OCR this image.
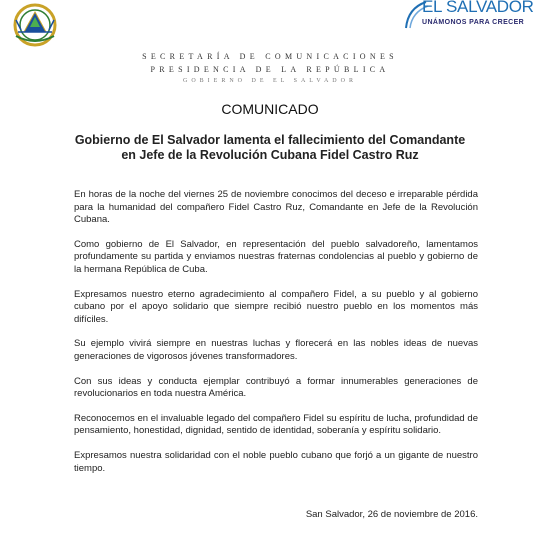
EL SALVADOR
UNÁMONOS PARA CRECER
SECRETARÍA DE COMUNICACIONES
PRESIDENCIA DE LA REPÚBLICA
GOBIERNO DE EL SALVADOR
COMUNICADO
Gobierno de El Salvador lamenta el fallecimiento del Comandante
en Jefe de la Revolución Cubana Fidel Castro Ruz

En horas de la noche del viernes 25 de noviembre conocimos del deceso e irreparable pérdida para la humanidad del compañero Fidel Castro Ruz, Comandante en Jefe de la Revolución Cubana.

Como gobierno de El Salvador, en representación del pueblo salvadoreño, lamentamos profundamente su partida y enviamos nuestras fraternas condolencias al pueblo y gobierno de la hermana República de Cuba.

Expresamos nuestro eterno agradecimiento al compañero Fidel, a su pueblo y al gobierno cubano por el apoyo solidario que siempre recibió nuestro pueblo en los momentos más difíciles.

Su ejemplo vivirá siempre en nuestras luchas y florecerá en las nobles ideas de nuevas generaciones de vigorosos jóvenes transformadores.

Con sus ideas y conducta ejemplar contribuyó a formar innumerables generaciones de revolucionarios en toda nuestra América.

Reconocemos en el invaluable legado del compañero Fidel su espíritu de lucha, profundidad de pensamiento, honestidad, dignidad, sentido de identidad, soberanía y espíritu solidario.

Expresamos nuestra solidaridad con el noble pueblo cubano que forjó a un gigante de nuestro tiempo.

San Salvador, 26 de noviembre de 2016.
